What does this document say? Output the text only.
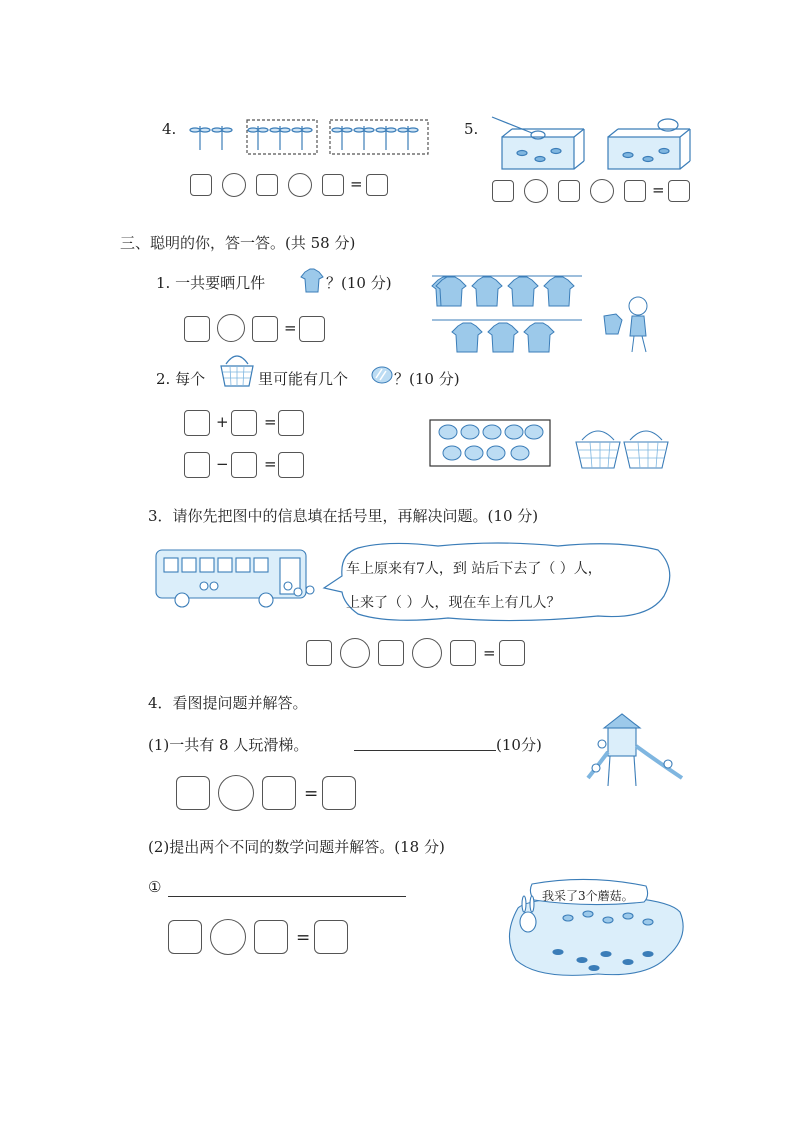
4.
=
5.
=
三、聪明的你，答一答。(共 58 分)
1. 一共要晒几件	？(10 分)
=
2. 每个	里可能有几个	？(10 分)
+ =
− =
3．请你先把图中的信息填在括号里，再解决问题。(10 分)
车上原来有7人，到 站后下去了（ ）人，
上来了（ ）人，现在车上有几人？
=
4．看图提问题并解答。
(1)一共有 8 人玩滑梯。	(10分)
=
(2)提出两个不同的数学问题并解答。(18 分)
①
=
我采了3个蘑菇。
